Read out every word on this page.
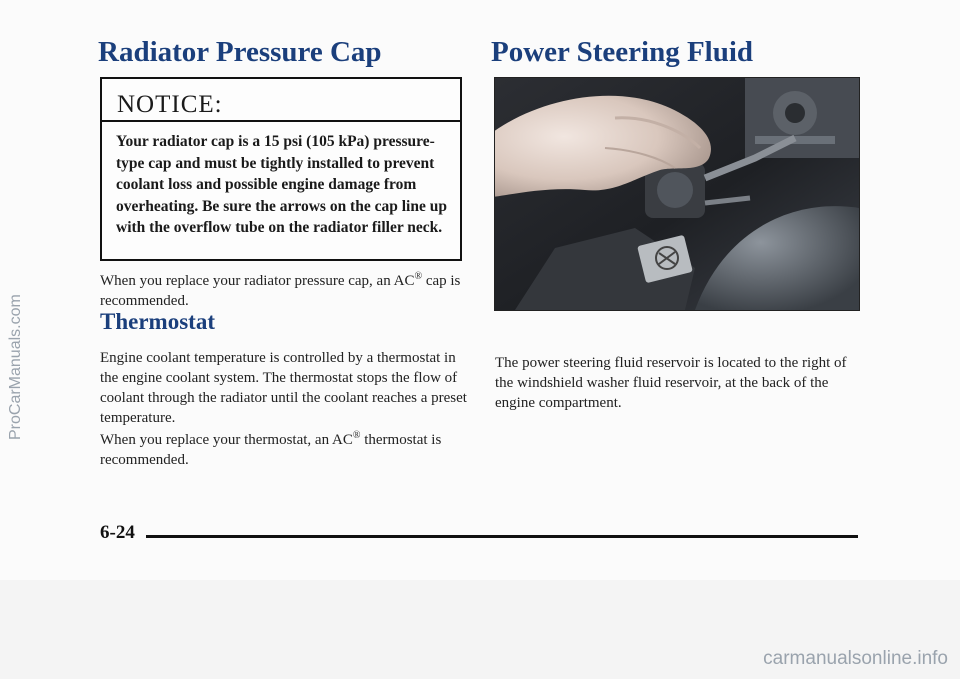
Radiator Pressure Cap
NOTICE:

Your radiator cap is a 15 psi (105 kPa) pressure-type cap and must be tightly installed to prevent coolant loss and possible engine damage from overheating. Be sure the arrows on the cap line up with the overflow tube on the radiator filler neck.

When you replace your radiator pressure cap, an AC® cap is recommended.

Thermostat

Engine coolant temperature is controlled by a thermostat in the engine coolant system. The thermostat stops the flow of coolant through the radiator until the coolant reaches a preset temperature.

When you replace your thermostat, an AC® thermostat is recommended.

Power Steering Fluid

The power steering fluid reservoir is located to the right of the windshield washer fluid reservoir, at the back of the engine compartment.

6-24
ProCarManuals.com
carmanualsonline.info
